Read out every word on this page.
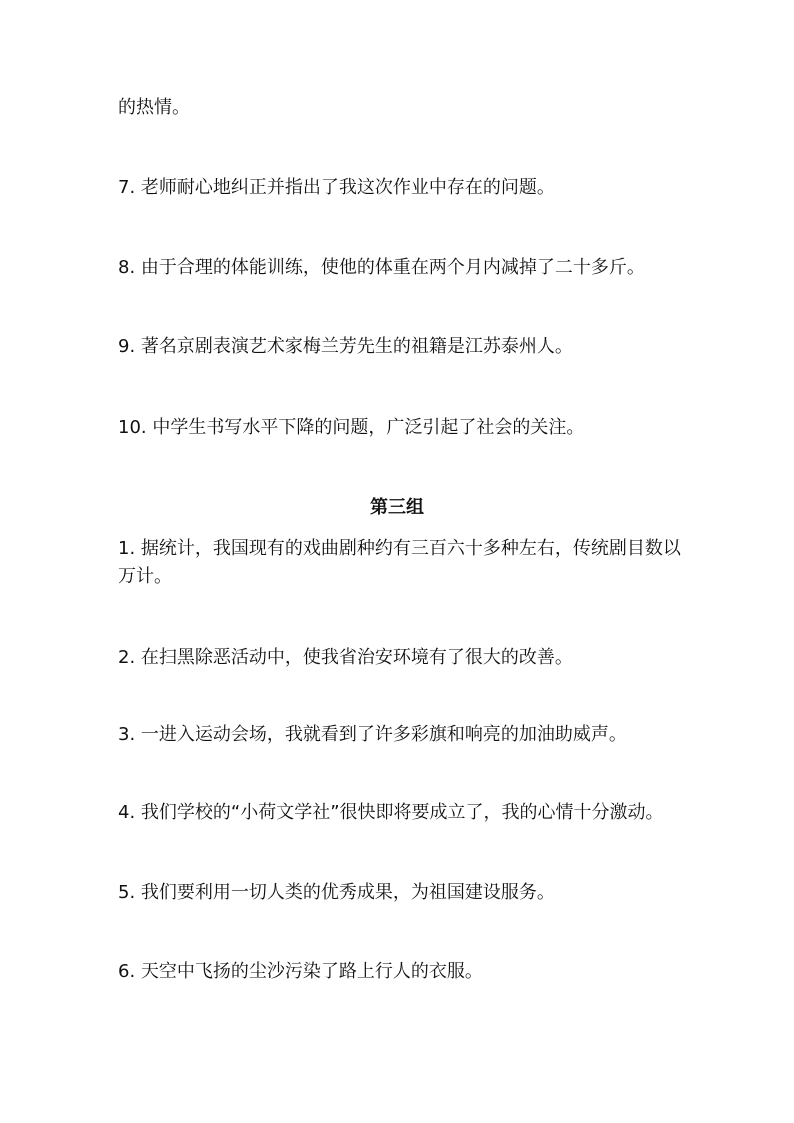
的热情。
7. 老师耐心地纠正并指出了我这次作业中存在的问题。
8. 由于合理的体能训练，使他的体重在两个月内减掉了二十多斤。
9. 著名京剧表演艺术家梅兰芳先生的祖籍是江苏泰州人。
10. 中学生书写水平下降的问题，广泛引起了社会的关注。
第三组
1. 据统计，我国现有的戏曲剧种约有三百六十多种左右，传统剧目数以万计。
2. 在扫黑除恶活动中，使我省治安环境有了很大的改善。
3. 一进入运动会场，我就看到了许多彩旗和响亮的加油助威声。
4. 我们学校的“小荷文学社”很快即将要成立了，我的心情十分激动。
5. 我们要利用一切人类的优秀成果，为祖国建设服务。
6. 天空中飞扬的尘沙污染了路上行人的衣服。
